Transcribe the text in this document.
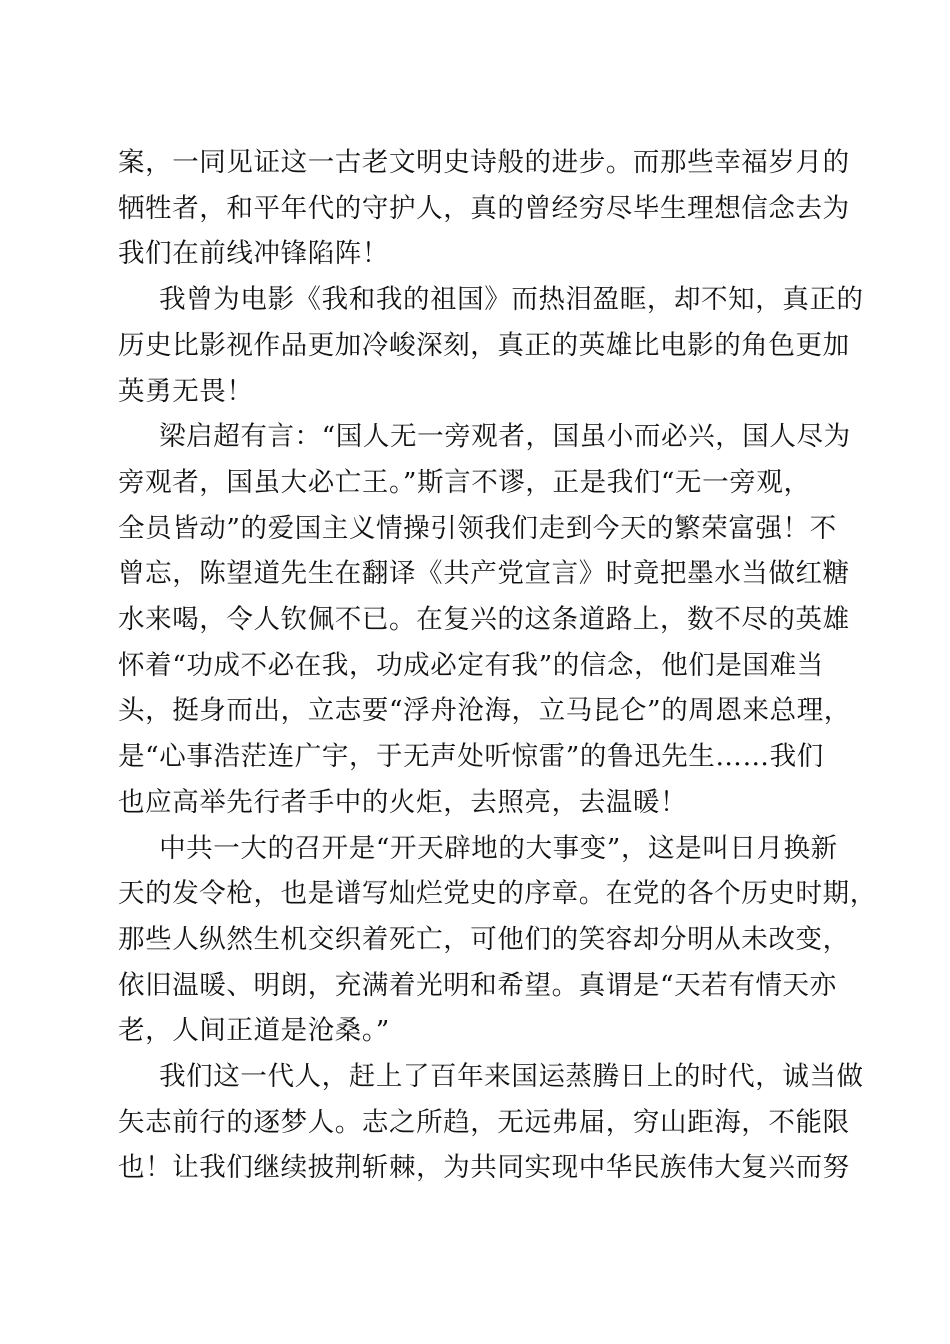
案，一同见证这一古老文明史诗般的进步。而那些幸福岁月的
牺牲者，和平年代的守护人，真的曾经穷尽毕生理想信念去为
我们在前线冲锋陷阵！

我曾为电影《我和我的祖国》而热泪盈眶，却不知，真正的
历史比影视作品更加冷峻深刻，真正的英雄比电影的角色更加
英勇无畏！

梁启超有言：“国人无一旁观者，国虽小而必兴，国人尽为
旁观者，国虽大必亡王。”斯言不谬，正是我们“无一旁观，
全员皆动”的爱国主义情操引领我们走到今天的繁荣富强！不
曾忘，陈望道先生在翻译《共产党宣言》时竟把墨水当做红糖
水来喝，令人钦佩不已。在复兴的这条道路上，数不尽的英雄
怀着“功成不必在我，功成必定有我”的信念，他们是国难当
头，挺身而出，立志要“浮舟沧海，立马昆仑”的周恩来总理，
是“心事浩茫连广宇，于无声处听惊雷”的鲁迅先生……我们
也应高举先行者手中的火炬，去照亮，去温暖！

中共一大的召开是“开天辟地的大事变”，这是叫日月换新
天的发令枪，也是谱写灿烂党史的序章。在党的各个历史时期，
那些人纵然生机交织着死亡，可他们的笑容却分明从未改变，
依旧温暖、明朗，充满着光明和希望。真谓是“天若有情天亦
老，人间正道是沧桑。”

我们这一代人，赶上了百年来国运蒸腾日上的时代，诚当做
矢志前行的逐梦人。志之所趋，无远弗届，穷山距海，不能限
也！让我们继续披荆斩棘，为共同实现中华民族伟大复兴而努
